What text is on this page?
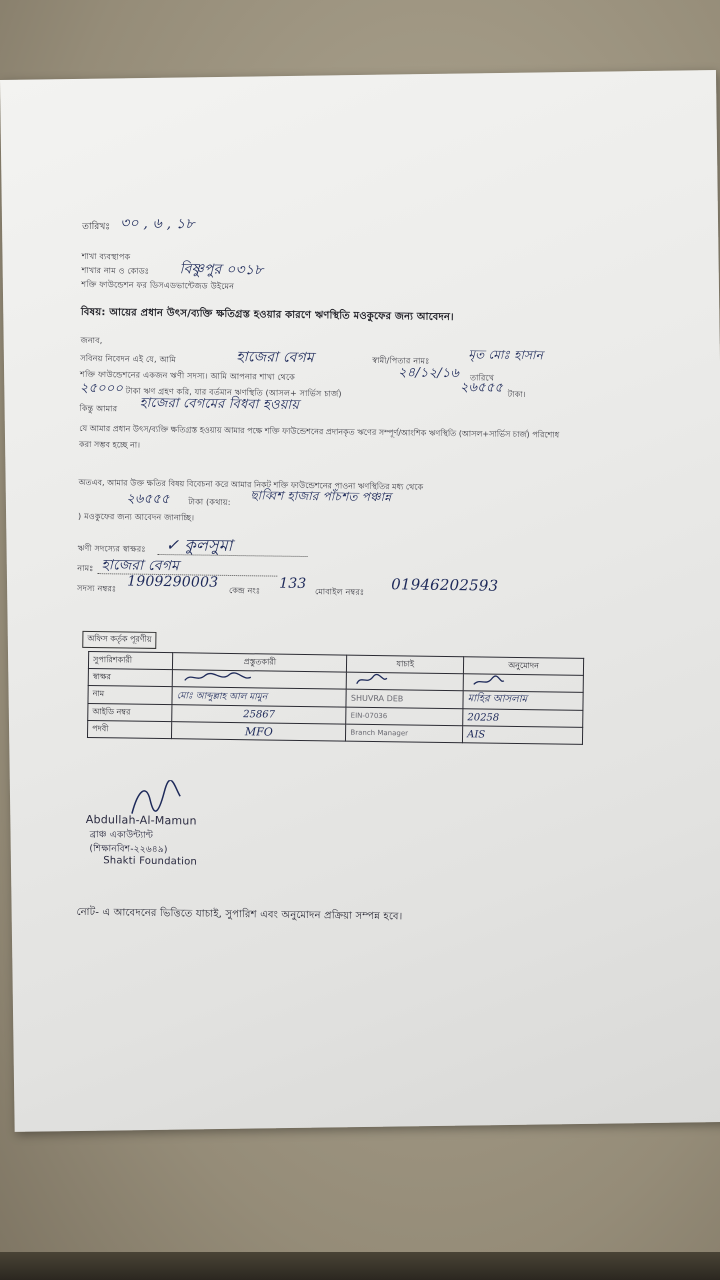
তারিখঃ ৩০ , ৬ , ১৮
শাখা ব্যবস্থাপক
শাখার নাম ও কোডঃ বিষ্ণুপুর ০৩১৮
শক্তি ফাউন্ডেশন ফর ডিসএডভান্টেজড উইমেন
বিষয়: আয়ের প্রধান উৎস/ব্যক্তি ক্ষতিগ্রস্ত হওয়ার কারণে ঋণস্থিতি মওকুফের জন্য আবেদন।
জনাব,
সবিনয় নিবেদন এই যে, আমি	হাজেরা বেগম	স্বামী/পিতার নামঃ	মৃত মোঃ হাসান
শক্তি ফাউন্ডেশনের একজন ঋণী সদস্য। আমি আপনার শাখা থেকে	২৪/১২/১৬ তারিখে
২৫০০০ টাকা ঋণ গ্রহণ করি, যার বর্তমান ঋণস্থিতি (আসল+ সার্ভিস চার্জ)	২৬৫৫৫ টাকা।
কিন্তু আমার হাজেরা বেগমের বিধবা হওয়ায়
যে আমার প্রধান উৎস/ব্যক্তি ক্ষতিগ্রস্ত হওয়ায় আমার পক্ষে শক্তি ফাউন্ডেশনের প্রদানকৃত ঋণের সম্পূর্ণ/আংশিক ঋণস্থিতি (আসল+সার্ভিস চার্জ) পরিশোধ করা সম্ভব হচ্ছে না।
অতএব, আমার উক্ত ক্ষতির বিষয় বিবেচনা করে আমার নিকট শক্তি ফাউন্ডেশনের পাওনা ঋণস্থিতির মধ্য থেকে
২৬৫৫৫ টাকা (কথায়: ছাব্বিশ হাজার পাঁচশত পঞ্চান্ন
) মওকুফের জন্য আবেদন জানাচ্ছি।
ঋণী সদস্যের স্বাক্ষরঃ ✓ কুলসুমা
নামঃ হাজেরা বেগম
সদস্য নম্বরঃ 1909290003 কেন্দ্র নংঃ 133 মোবাইল নম্বরঃ 01946202593
অফিস কর্তৃক পূরণীয়
সুপারিশকারী	প্রস্তুতকারী	যাচাই	অনুমোদন
স্বাক্ষর			
নাম	মোঃ আব্দুল্লাহ আল মামুন	SHUVRA DEB	মাহির আসলাম
আইডি নম্বর	25867	EIN-07036	20258
পদবী	MFO	Branch Manager	AIS
Abdullah-Al-Mamun
ব্রাঞ্চ একাউন্ট্যান্ট
(শিক্ষানবিশ-২২৬৪৯)
Shakti Foundation
নোট- এ আবেদনের ভিত্তিতে যাচাই, সুপারিশ এবং অনুমোদন প্রক্রিয়া সম্পন্ন হবে।
